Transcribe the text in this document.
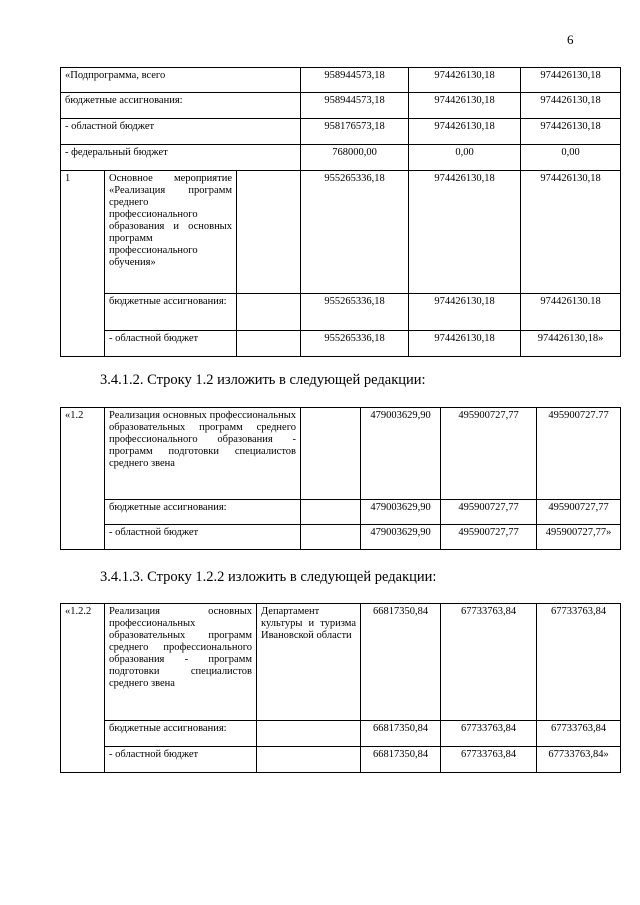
6
«Подпрограмма, всего			958944573,18	974426130,18	974426130,18
бюджетные ассигнования:			958944573,18	974426130,18	974426130,18
- областной бюджет			958176573,18	974426130,18	974426130,18
- федеральный бюджет			768000,00	0,00	0,00
1	Основное мероприятие «Реализация программ среднего профессионального образования и основных программ профессионального обучения»		955265336,18	974426130,18	974426130,18
	бюджетные ассигнования:		955265336,18	974426130,18	974426130.18
	- областной бюджет		955265336,18	974426130,18	974426130,18»
3.4.1.2. Строку 1.2 изложить в следующей редакции:
«1.2	Реализация основных профессиональных образовательных программ среднего профессионального образования - программ подготовки специалистов среднего звена		479003629,90	495900727,77	495900727.77
	бюджетные ассигнования:		479003629,90	495900727,77	495900727,77
	- областной бюджет		479003629,90	495900727,77	495900727,77»
3.4.1.3. Строку 1.2.2 изложить в следующей редакции:
«1.2.2	Реализация основных профессиональных образовательных программ среднего профессионального образования - программ подготовки специалистов среднего звена	Департамент культуры и туризма Ивановской области	66817350,84	67733763,84	67733763,84
	бюджетные ассигнования:		66817350,84	67733763,84	67733763,84
	- областной бюджет		66817350,84	67733763,84	67733763,84»
